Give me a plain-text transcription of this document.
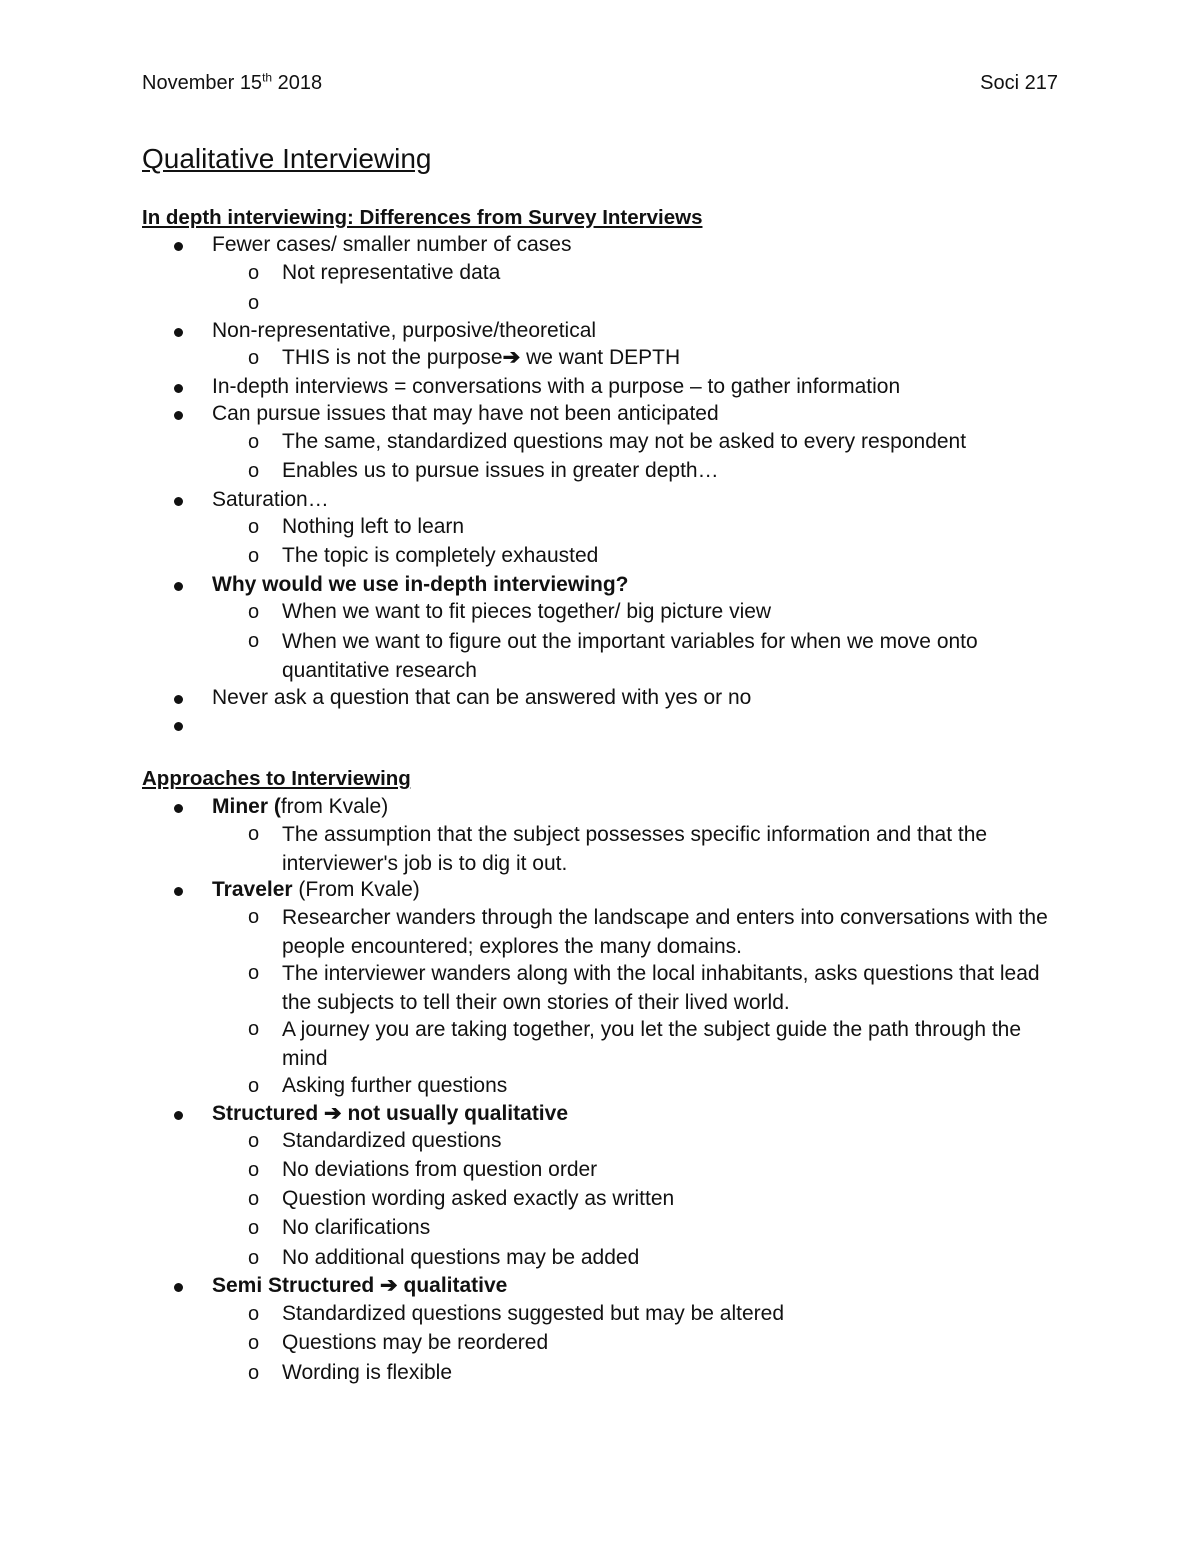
November 15th 2018	Soci 217
Qualitative Interviewing
In depth interviewing: Differences from Survey Interviews
Fewer cases/ smaller number of cases
o Not representative data
o
Non-representative, purposive/theoretical
o THIS is not the purpose➔ we want DEPTH
In-depth interviews = conversations with a purpose – to gather information
Can pursue issues that may have not been anticipated
o The same, standardized questions may not be asked to every respondent
o Enables us to pursue issues in greater depth…
Saturation…
o Nothing left to learn
o The topic is completely exhausted
Why would we use in-depth interviewing?
o When we want to fit pieces together/ big picture view
o When we want to figure out the important variables for when we move onto quantitative research
Never ask a question that can be answered with yes or no
Approaches to Interviewing
Miner (from Kvale)
o The assumption that the subject possesses specific information and that the interviewer's job is to dig it out.
Traveler (From Kvale)
o Researcher wanders through the landscape and enters into conversations with the people encountered; explores the many domains.
o The interviewer wanders along with the local inhabitants, asks questions that lead the subjects to tell their own stories of their lived world.
o A journey you are taking together, you let the subject guide the path through the mind
o Asking further questions
Structured ➔ not usually qualitative
o Standardized questions
o No deviations from question order
o Question wording asked exactly as written
o No clarifications
o No additional questions may be added
Semi Structured ➔ qualitative
o Standardized questions suggested but may be altered
o Questions may be reordered
o Wording is flexible
